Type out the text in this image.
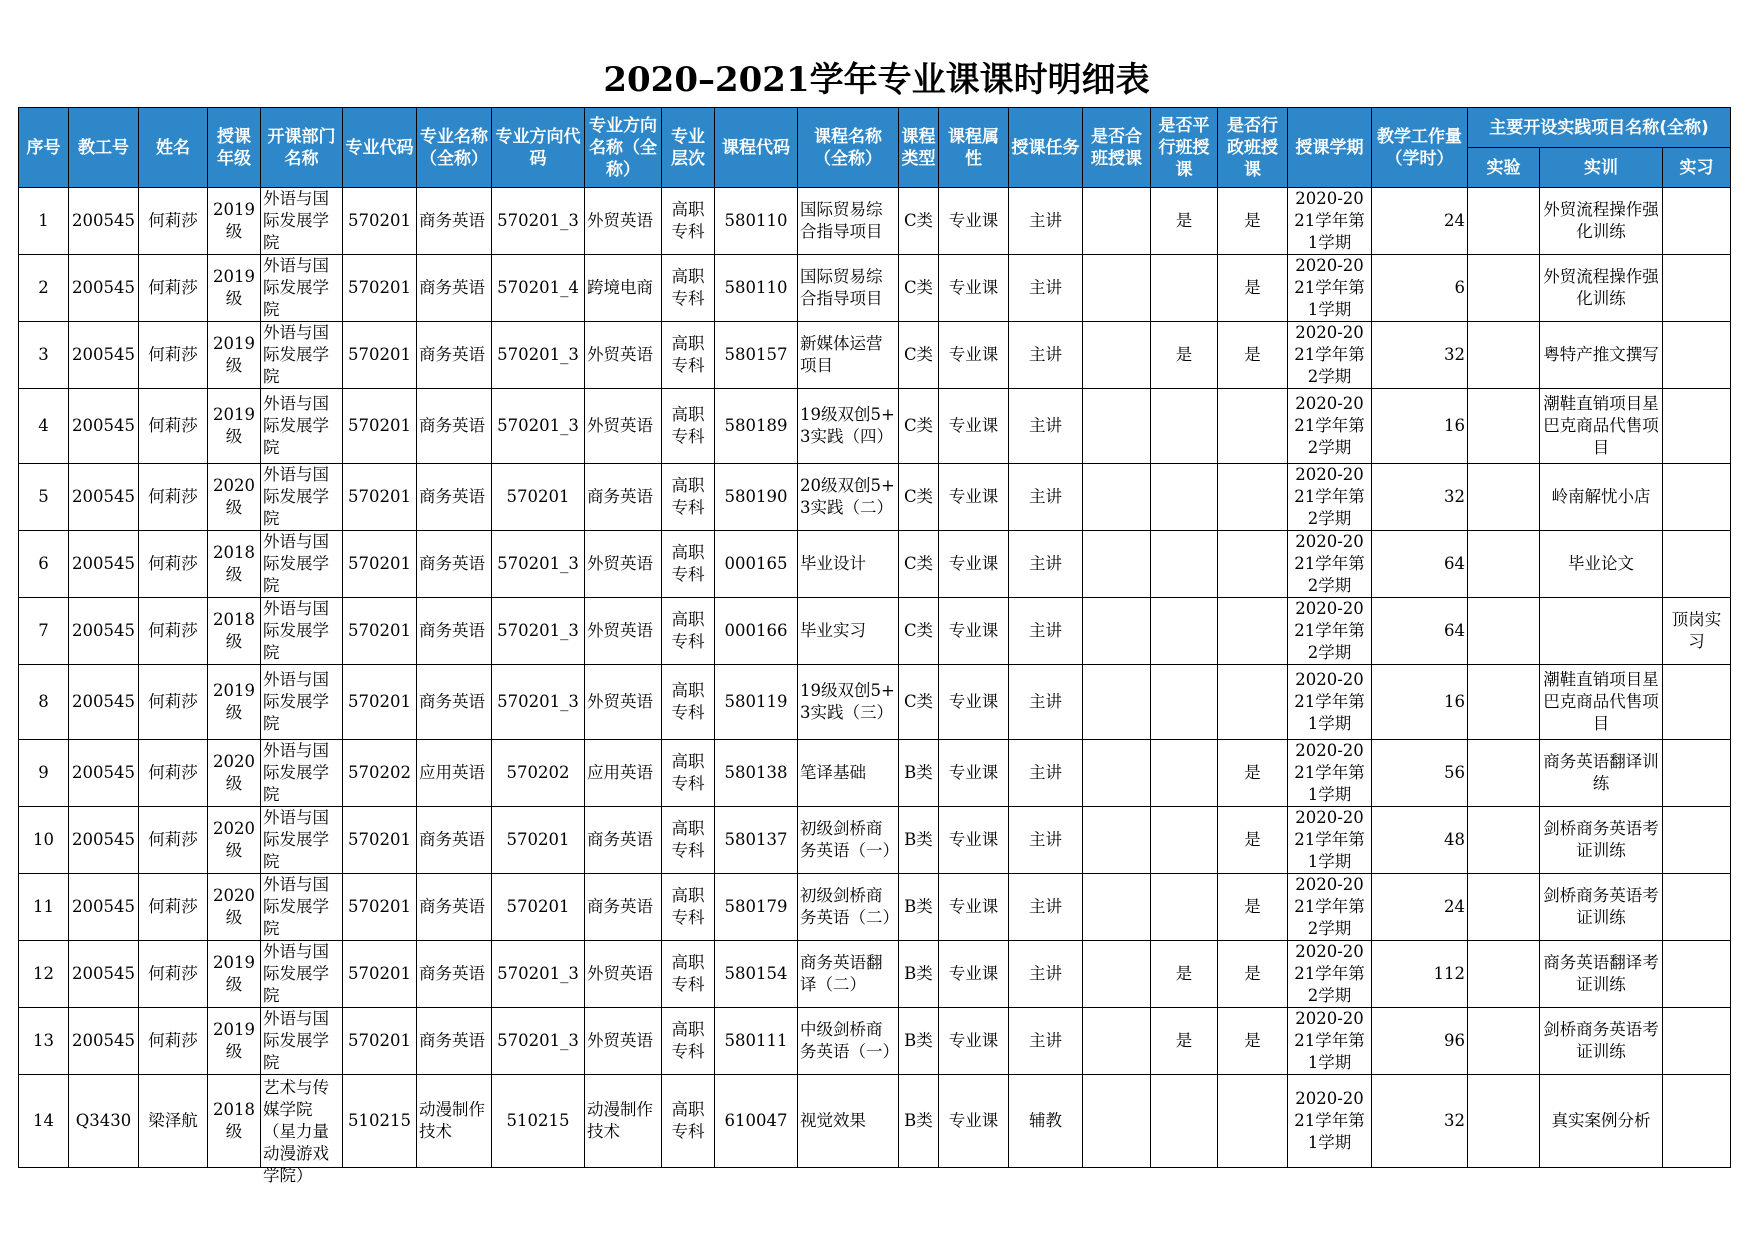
2020–2021学年专业课课时明细表
序号	教工号	姓名	授课年级	开课部门名称	专业代码	专业名称（全称）	专业方向代码	专业方向名称（全称）	专业层次	课程代码	课程名称（全称）	课程类型	课程属性	授课任务	是否合班授课	是否平行班授课	是否行政班授课	授课学期	教学工作量（学时）	主要开设实践项目名称(全称)		
																				实验	实训	实习

1	200545	何莉莎	2019级	外语与国际发展学院	570201	商务英语	570201_3	外贸英语	高职专科	580110	国际贸易综合指导项目	C类	专业课	主讲		是	是	2020-2021学年第1学期	24		外贸流程操作强化训练	

2	200545	何莉莎	2019级	外语与国际发展学院	570201	商务英语	570201_4	跨境电商	高职专科	580110	国际贸易综合指导项目	C类	专业课	主讲			是	2020-2021学年第1学期	6		外贸流程操作强化训练	

3	200545	何莉莎	2019级	外语与国际发展学院	570201	商务英语	570201_3	外贸英语	高职专科	580157	新媒体运营项目	C类	专业课	主讲		是	是	2020-2021学年第2学期	32		粤特产推文撰写	

4	200545	何莉莎	2019级	外语与国际发展学院	570201	商务英语	570201_3	外贸英语	高职专科	580189	19级双创5+3实践（四）	C类	专业课	主讲				2020-2021学年第2学期	16		潮鞋直销项目星巴克商品代售项目	

5	200545	何莉莎	2020级	外语与国际发展学院	570201	商务英语	570201	商务英语	高职专科	580190	20级双创5+3实践（二）	C类	专业课	主讲				2020-2021学年第2学期	32		岭南解忧小店	

6	200545	何莉莎	2018级	外语与国际发展学院	570201	商务英语	570201_3	外贸英语	高职专科	000165	毕业设计	C类	专业课	主讲				2020-2021学年第2学期	64		毕业论文	

7	200545	何莉莎	2018级	外语与国际发展学院	570201	商务英语	570201_3	外贸英语	高职专科	000166	毕业实习	C类	专业课	主讲				2020-2021学年第2学期	64			顶岗实习

8	200545	何莉莎	2019级	外语与国际发展学院	570201	商务英语	570201_3	外贸英语	高职专科	580119	19级双创5+3实践（三）	C类	专业课	主讲				2020-2021学年第1学期	16		潮鞋直销项目星巴克商品代售项目	

9	200545	何莉莎	2020级	外语与国际发展学院	570202	应用英语	570202	应用英语	高职专科	580138	笔译基础	B类	专业课	主讲			是	2020-2021学年第1学期	56		商务英语翻译训练	

10	200545	何莉莎	2020级	外语与国际发展学院	570201	商务英语	570201	商务英语	高职专科	580137	初级剑桥商务英语（一）	B类	专业课	主讲			是	2020-2021学年第1学期	48		剑桥商务英语考证训练	

11	200545	何莉莎	2020级	外语与国际发展学院	570201	商务英语	570201	商务英语	高职专科	580179	初级剑桥商务英语（二）	B类	专业课	主讲			是	2020-2021学年第2学期	24		剑桥商务英语考证训练	

12	200545	何莉莎	2019级	外语与国际发展学院	570201	商务英语	570201_3	外贸英语	高职专科	580154	商务英语翻译（二）	B类	专业课	主讲		是	是	2020-2021学年第2学期	112		商务英语翻译考证训练	

13	200545	何莉莎	2019级	外语与国际发展学院	570201	商务英语	570201_3	外贸英语	高职专科	580111	中级剑桥商务英语（一）	B类	专业课	主讲		是	是	2020-2021学年第1学期	96		剑桥商务英语考证训练	

14	Q3430	梁泽航	2018级	艺术与传媒学院（星力量动漫游戏学院）	510215	动漫制作技术	510215	动漫制作技术	高职专科	610047	视觉效果	B类	专业课	辅教				2020-2021学年第1学期	32		真实案例分析	
